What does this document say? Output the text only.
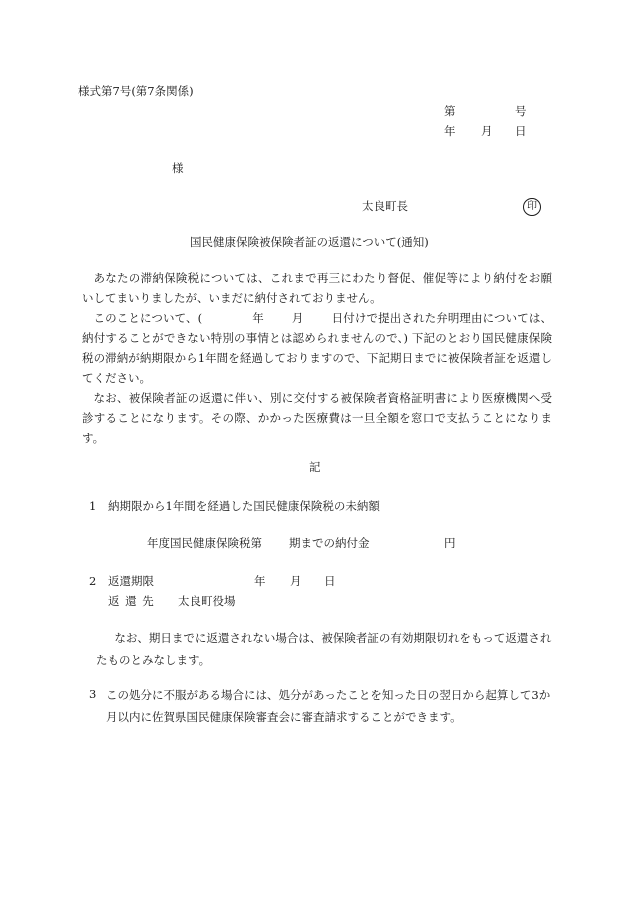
様式第7号(第7条関係)
第	号
年 月 日
様
太良町長	印
国民健康保険被保険者証の返還について(通知)

あなたの滞納保険税については、これまで再三にわたり督促、催促等により納付をお願いしてまいりましたが、いまだに納付されておりません。

このことについて、(	年 月 日付けで提出された弁明理由については、納付することができない特別の事情とは認められませんので、) 下記のとおり国民健康保険税の滞納が納期限から1年間を経過しておりますので、下記期日までに被保険者証を返還してください。

なお、被保険者証の返還に伴い、別に交付する被保険者資格証明書により医療機関へ受診することになります。その際、かかった医療費は一旦全額を窓口で支払うことになります。

記
1 納期限から1年間を経過した国民健康保険税の未納額
年度国民健康保険税第 期までの納付金	円
2 返還期限	年 月 日
返 還 先 太良町役場
なお、期日までに返還されない場合は、被保険者証の有効期限切れをもって返還されたものとみなします。
3 この処分に不服がある場合には、処分があったことを知った日の翌日から起算して3か月以内に佐賀県国民健康保険審査会に審査請求することができます。
